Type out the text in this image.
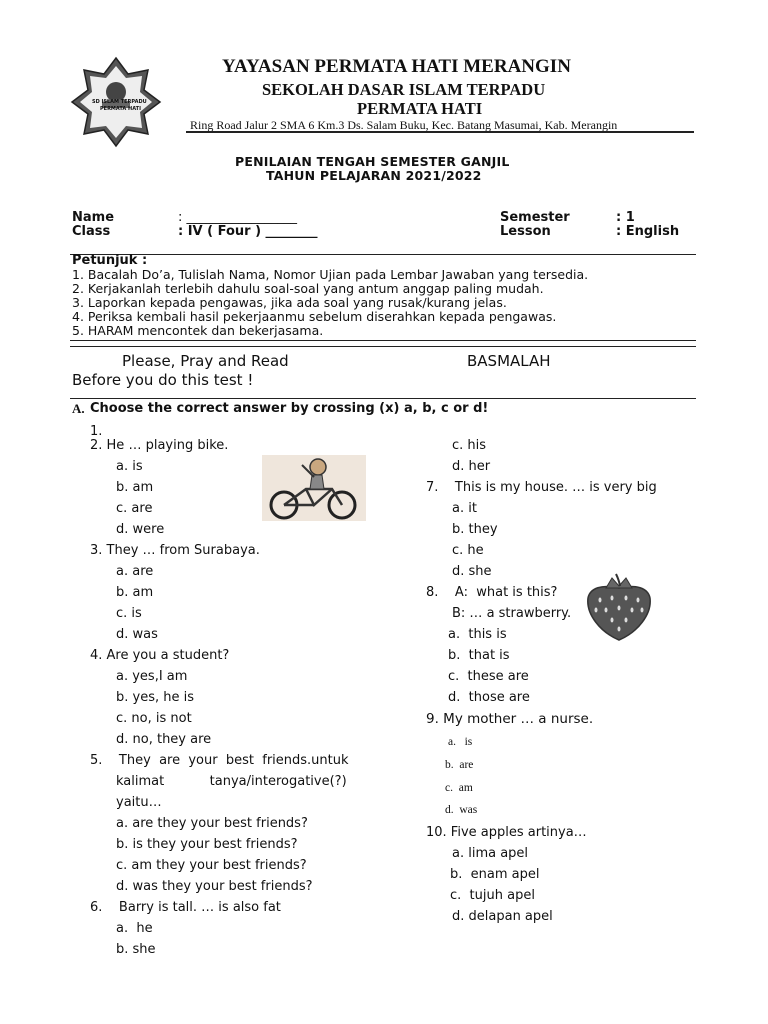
SD ISLAM TERPADU
PERMATA HATI
YAYASAN PERMATA HATI MERANGIN
SEKOLAH DASAR ISLAM TERPADU
PERMATA HATI
Ring Road Jalur 2 SMA 6 Km.3 Ds. Salam Buku, Kec. Batang Masumai, Kab. Merangin
PENILAIAN TENGAH SEMESTER GANJIL
TAHUN PELAJARAN 2021/2022
Name	: _________________
Class	: IV ( Four ) ________
Semester	: 1
Lesson	: English
Petunjuk :
1. Bacalah Do’a, Tulislah Nama, Nomor Ujian pada Lembar Jawaban yang tersedia.
2. Kerjakanlah terlebih dahulu soal-soal yang antum anggap paling mudah.
3. Laporkan kepada pengawas, jika ada soal yang rusak/kurang jelas.
4. Periksa kembali hasil pekerjaanmu sebelum diserahkan kepada pengawas.
5. HARAM mencontek dan bekerjasama.
Please, Pray and Read	BASMALAH
Before you do this test !
A. Choose the correct answer by crossing (x) a, b, c or d!
1.
2. He … playing bike.
a. is
b. am
c. are
d. were
3. They … from Surabaya.
a. are
b. am
c. is
d. was
4. Are you a student?
a. yes,I am
b. yes, he is
c. no, is not
d. no, they are
5.    They  are  your  best  friends.untuk
kalimat           tanya/interogative(?)
yaitu…
a. are they your best friends?
b. is they your best friends?
c. am they your best friends?
d. was they your best friends?
6.    Barry is tall. … is also fat
a.  he
b. she
c. his
d. her
7.    This is my house. … is very big
a. it
b. they
c. he
d. she
8.    A:  what is this?
B: … a strawberry.
a.  this is
b.  that is
c.  these are
d.  those are
9. My mother … a nurse.
a.   is
b.  are
c.  am
d.  was
10. Five apples artinya…
a. lima apel
b.  enam apel
c.  tujuh apel
d. delapan apel
